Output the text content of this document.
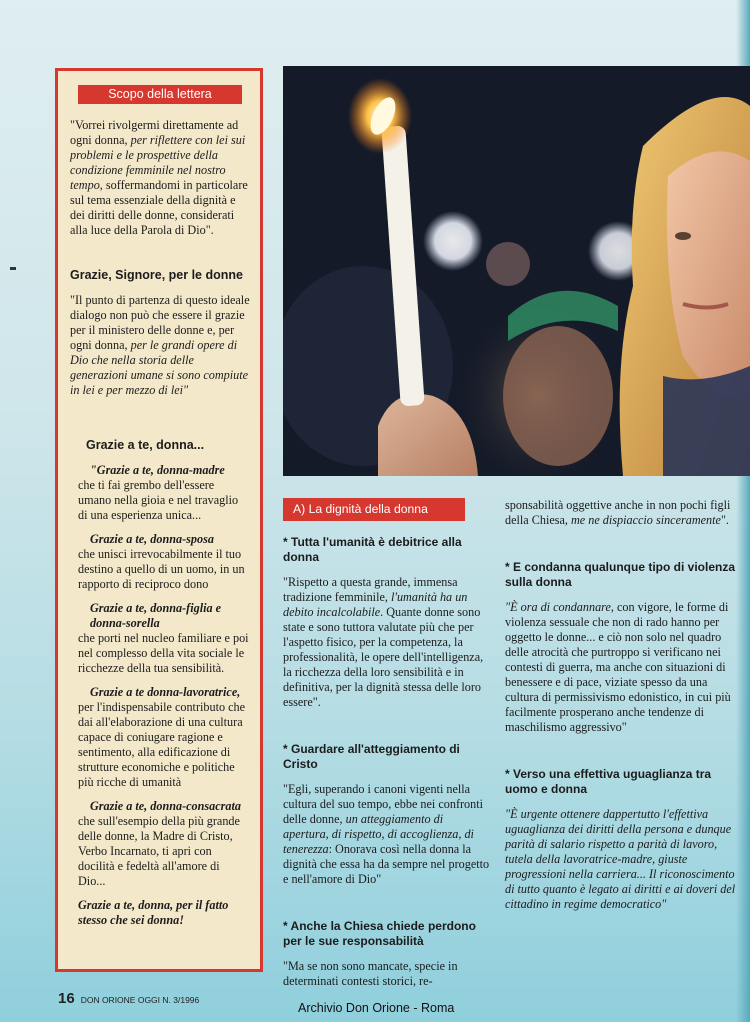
Scopo della lettera

"Vorrei rivolgermi direttamente ad ogni donna, per riflettere con lei sui problemi e le prospettive della condizione femminile nel nostro tempo, soffermandomi in particolare sul tema essenziale della dignità e dei diritti delle donne, considerati alla luce della Parola di Dio".

Grazie, Signore, per le donne

"Il punto di partenza di questo ideale dialogo non può che essere il grazie per il ministero delle donne e, per ogni donna, per le grandi opere di Dio che nella storia delle generazioni umane si sono compiute in lei e per mezzo di lei"

Grazie a te, donna...
"Grazie a te, donna-madre
che ti fai grembo dell'essere umano nella gioia e nel travaglio di una esperienza unica...
Grazie a te, donna-sposa
che unisci irrevocabilmente il tuo destino a quello di un uomo, in un rapporto di reciproco dono
Grazie a te, donna-figlia e donna-sorella
che porti nel nucleo familiare e poi nel complesso della vita sociale le ricchezze della tua sensibilità.
Grazie a te donna-lavoratrice,
per l'indispensabile contributo che dai all'elaborazione di una cultura capace di coniugare ragione e sentimento, alla edificazione di strutture economiche e politiche più ricche di umanità
Grazie a te, donna-consacrata
che sull'esempio della più grande delle donne, la Madre di Cristo, Verbo Incarnato, ti apri con docilità e fedeltà all'amore di Dio...
Grazie a te, donna, per il fatto stesso che sei donna!
A) La dignità della donna
* Tutta l'umanità è debitrice alla donna

"Rispetto a questa grande, immensa tradizione femminile, l'umanità ha un debito incalcolabile. Quante donne sono state e sono tuttora valutate più che per l'aspetto fisico, per la competenza, la professionalità, le opere dell'intelligenza, la ricchezza della loro sensibilità e in definitiva, per la dignità stessa delle loro essere".

* Guardare all'atteggiamento di Cristo

"Egli, superando i canoni vigenti nella cultura del suo tempo, ebbe nei confronti delle donne, un atteggiamento di apertura, di rispetto, di accoglienza, di tenerezza: Onorava così nella donna la dignità che essa ha da sempre nel progetto e nell'amore di Dio"

* Anche la Chiesa chiede perdono per le sue responsabilità

"Ma se non sono mancate, specie in determinati contesti storici, re-

sponsabilità oggettive anche in non pochi figli della Chiesa, me ne dispiaccio sinceramente".

* E condanna qualunque tipo di violenza sulla donna

"È ora di condannare, con vigore, le forme di violenza sessuale che non di rado hanno per oggetto le donne... e ciò non solo nel quadro delle atrocità che purtroppo si verificano nei contesti di guerra, ma anche con situazioni di benessere e di pace, viziate spesso da una cultura di permissivismo edonistico, in cui più facilmente prosperano anche tendenze di maschilismo aggressivo"

* Verso una effettiva uguaglianza tra uomo e donna

"È urgente ottenere dappertutto l'effettiva uguaglianza dei diritti della persona e dunque parità di salario rispetto a parità di lavoro, tutela della lavoratrice-madre, giuste progressioni nella carriera... Il riconoscimento di tutto quanto è legato ai diritti e ai doveri del cittadino in regime democratico"

16 DON ORIONE OGGI N. 3/1996
Archivio Don Orione - Roma
